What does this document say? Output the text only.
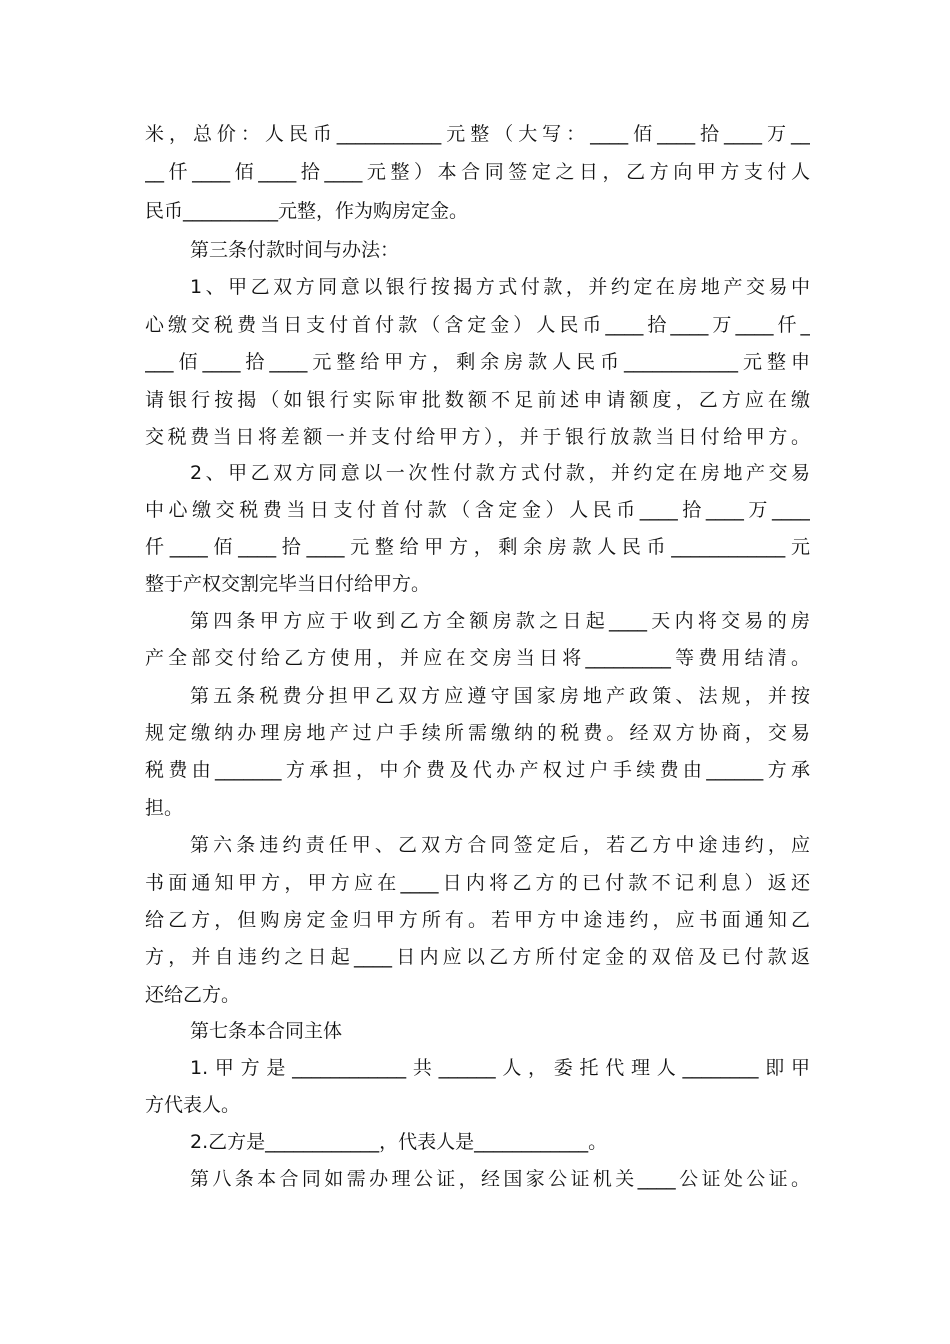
米，总价：人民币___________元整（大写：____佰____拾____万__
__仟____佰____拾____元整）本合同签定之日，乙方向甲方支付人
民币__________元整，作为购房定金。
第三条付款时间与办法：
1、甲乙双方同意以银行按揭方式付款，并约定在房地产交易中
心缴交税费当日支付首付款（含定金）人民币____拾____万____仟_
___佰____拾____元整给甲方，剩余房款人民币____________元整申
请银行按揭（如银行实际审批数额不足前述申请额度，乙方应在缴
交税费当日将差额一并支付给甲方），并于银行放款当日付给甲方。
2、甲乙双方同意以一次性付款方式付款，并约定在房地产交易
中心缴交税费当日支付首付款（含定金）人民币____拾____万____
仟____佰____拾____元整给甲方，剩余房款人民币____________元
整于产权交割完毕当日付给甲方。
第四条甲方应于收到乙方全额房款之日起____天内将交易的房
产全部交付给乙方使用，并应在交房当日将_________等费用结清。
第五条税费分担甲乙双方应遵守国家房地产政策、法规，并按
规定缴纳办理房地产过户手续所需缴纳的税费。经双方协商，交易
税费由_______方承担，中介费及代办产权过户手续费由______方承
担。
第六条违约责任甲、乙双方合同签定后，若乙方中途违约，应
书面通知甲方，甲方应在____日内将乙方的已付款不记利息）返还
给乙方，但购房定金归甲方所有。若甲方中途违约，应书面通知乙
方，并自违约之日起____日内应以乙方所付定金的双倍及已付款返
还给乙方。
第七条本合同主体
1.甲方是____________共______人，委托代理人________即甲
方代表人。
2.乙方是____________，代表人是____________。
第八条本合同如需办理公证，经国家公证机关____公证处公证。
